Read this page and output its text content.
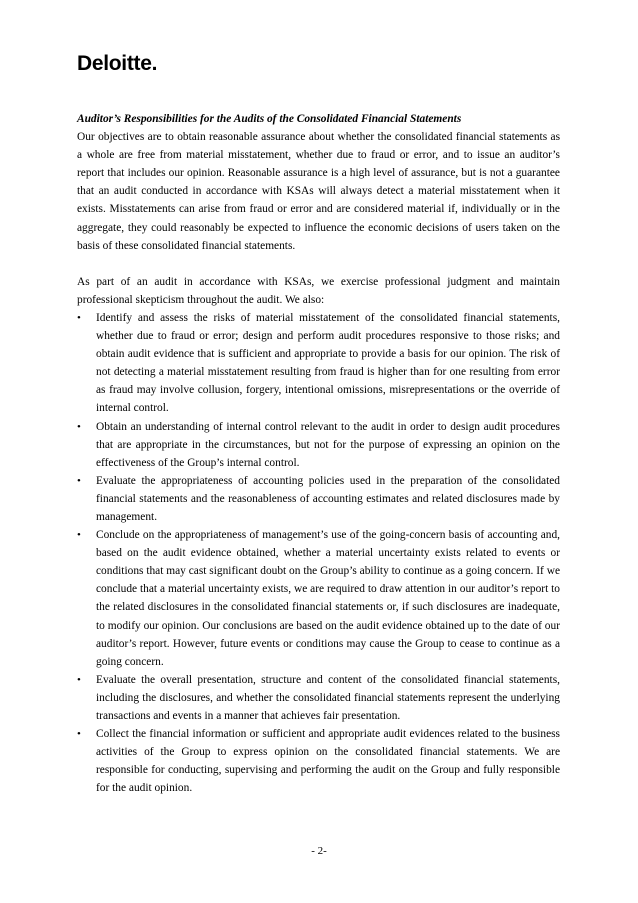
Deloitte.

Auditor’s Responsibilities for the Audits of the Consolidated Financial Statements

Our objectives are to obtain reasonable assurance about whether the consolidated financial statements as a whole are free from material misstatement, whether due to fraud or error, and to issue an auditor’s report that includes our opinion. Reasonable assurance is a high level of assurance, but is not a guarantee that an audit conducted in accordance with KSAs will always detect a material misstatement when it exists. Misstatements can arise from fraud or error and are considered material if, individually or in the aggregate, they could reasonably be expected to influence the economic decisions of users taken on the basis of these consolidated financial statements.

As part of an audit in accordance with KSAs, we exercise professional judgment and maintain professional skepticism throughout the audit. We also:

• Identify and assess the risks of material misstatement of the consolidated financial statements, whether due to fraud or error; design and perform audit procedures responsive to those risks; and obtain audit evidence that is sufficient and appropriate to provide a basis for our opinion. The risk of not detecting a material misstatement resulting from fraud is higher than for one resulting from error as fraud may involve collusion, forgery, intentional omissions, misrepresentations or the override of internal control.
• Obtain an understanding of internal control relevant to the audit in order to design audit procedures that are appropriate in the circumstances, but not for the purpose of expressing an opinion on the effectiveness of the Group’s internal control.
• Evaluate the appropriateness of accounting policies used in the preparation of the consolidated financial statements and the reasonableness of accounting estimates and related disclosures made by management.
• Conclude on the appropriateness of management’s use of the going-concern basis of accounting and, based on the audit evidence obtained, whether a material uncertainty exists related to events or conditions that may cast significant doubt on the Group’s ability to continue as a going concern. If we conclude that a material uncertainty exists, we are required to draw attention in our auditor’s report to the related disclosures in the consolidated financial statements or, if such disclosures are inadequate, to modify our opinion. Our conclusions are based on the audit evidence obtained up to the date of our auditor’s report. However, future events or conditions may cause the Group to cease to continue as a going concern.
• Evaluate the overall presentation, structure and content of the consolidated financial statements, including the disclosures, and whether the consolidated financial statements represent the underlying transactions and events in a manner that achieves fair presentation.
• Collect the financial information or sufficient and appropriate audit evidences related to the business activities of the Group to express opinion on the consolidated financial statements. We are responsible for conducting, supervising and performing the audit on the Group and fully responsible for the audit opinion.
- 2-
